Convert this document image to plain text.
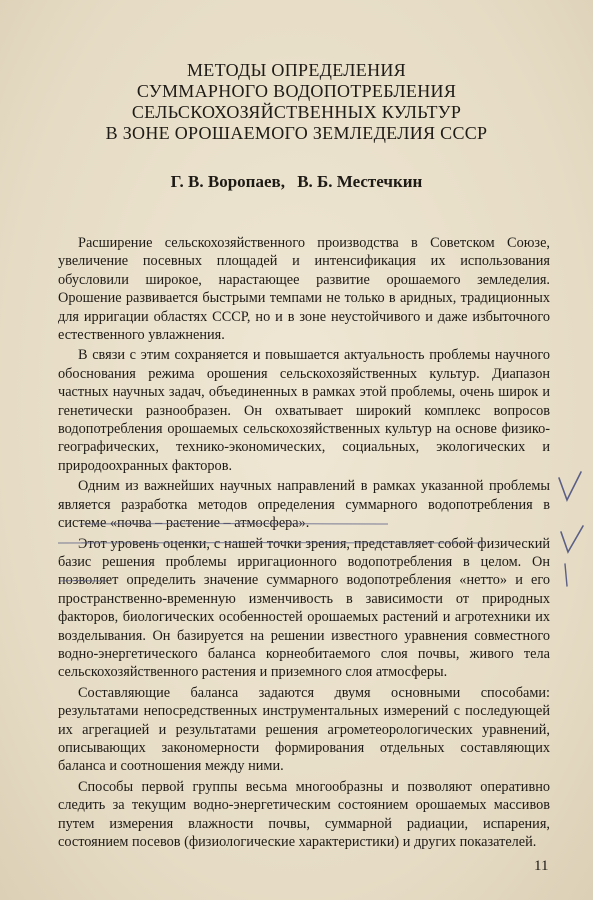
МЕТОДЫ ОПРЕДЕЛЕНИЯ
СУММАРНОГО ВОДОПОТРЕБЛЕНИЯ
СЕЛЬСКОХОЗЯЙСТВЕННЫХ КУЛЬТУР
В ЗОНЕ ОРОШАЕМОГО ЗЕМЛЕДЕЛИЯ СССР
Г. В. Воропаев, В. Б. Местечкин

Расширение сельскохозяйственного производства в Советском Союзе, увеличение посевных площадей и интенсификация их использования обусловили широкое, нарастающее развитие орошаемого земледелия. Орошение развивается быстрыми темпами не только в аридных, традиционных для ирригации областях СССР, но и в зоне неустойчивого и даже избыточного естественного увлажнения.

В связи с этим сохраняется и повышается актуальность проблемы научного обоснования режима орошения сельскохозяйственных культур. Диапазон частных научных задач, объединенных в рамках этой проблемы, очень широк и генетически разнообразен. Он охватывает широкий комплекс вопросов водопотребления орошаемых сельскохозяйственных культур на основе физико-географических, технико-экономических, социальных, экологических и природоохранных факторов.

Одним из важнейших научных направлений в рамках указанной проблемы является разработка методов определения суммарного водопотребления в системе «почва – растение – атмосфера».

Этот уровень оценки, с нашей точки зрения, представляет собой физический базис решения проблемы ирригационного водопотребления в целом. Он позволяет определить значение суммарного водопотребления «нетто» и его пространственно-временную изменчивость в зависимости от природных факторов, биологических особенностей орошаемых растений и агротехники их возделывания. Он базируется на решении известного уравнения совместного водно-энергетического баланса корнеобитаемого слоя почвы, живого тела сельскохозяйственного растения и приземного слоя атмосферы.

Составляющие баланса задаются двумя основными способами: результатами непосредственных инструментальных измерений с последующей их агрегацией и результатами решения агрометеорологических уравнений, описывающих закономерности формирования отдельных составляющих баланса и соотношения между ними.

Способы первой группы весьма многообразны и позволяют оперативно следить за текущим водно-энергетическим состоянием орошаемых массивов путем измерения влажности почвы, суммарной радиации, испарения, состоянием посевов (физиологические характеристики) и других показателей.

11
